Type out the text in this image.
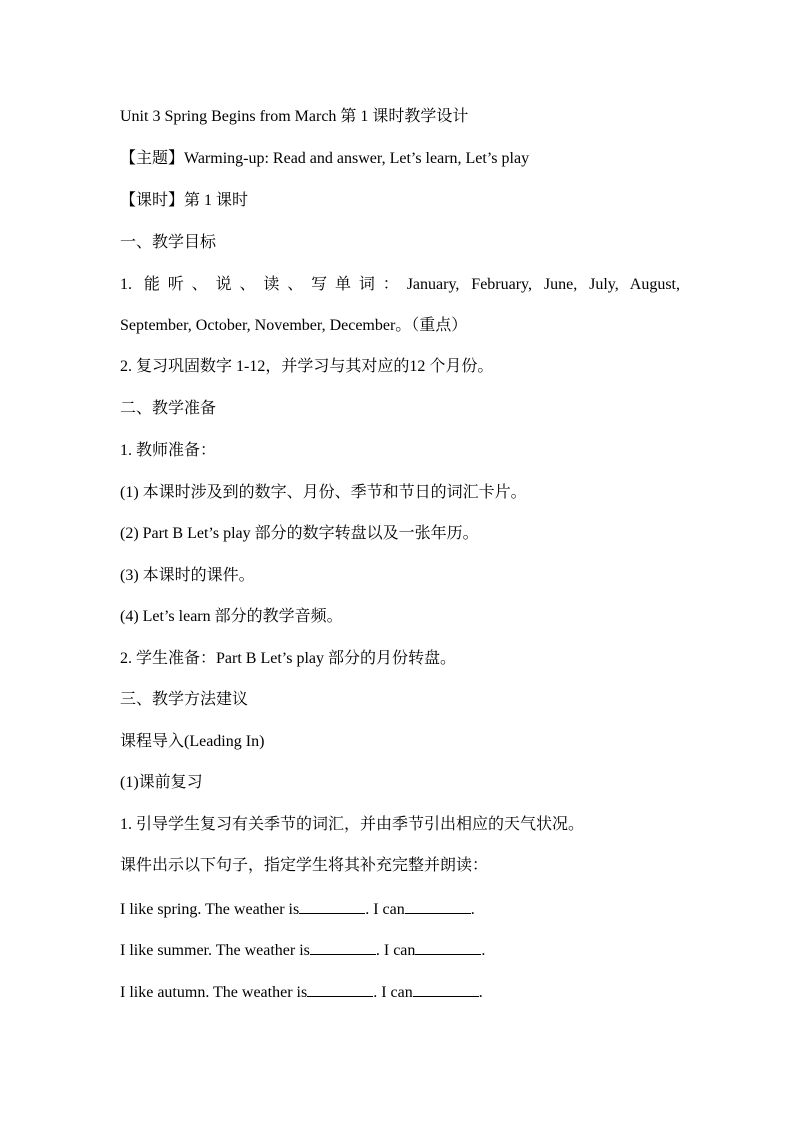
Unit 3 Spring Begins from March 第 1 课时教学设计
【主题】Warming-up: Read and answer, Let’s learn, Let’s play
【课时】第 1 课时
一、教学目标
1. 能听、说、读、写单词：January, February, June, July, August,
September, October, November, December。（重点）
2. 复习巩固数字 1-12，并学习与其对应的12 个月份。
二、教学准备
1. 教师准备：
(1) 本课时涉及到的数字、月份、季节和节日的词汇卡片。
(2) Part B Let’s play 部分的数字转盘以及一张年历。
(3) 本课时的课件。
(4) Let’s learn 部分的教学音频。
2. 学生准备：Part B Let’s play 部分的月份转盘。
三、教学方法建议
课程导入(Leading In)
(1)课前复习
1. 引导学生复习有关季节的词汇，并由季节引出相应的天气状况。
课件出示以下句子，指定学生将其补充完整并朗读：
I like spring. The weather is	. I can	.
I like summer. The weather is	. I can	.
I like autumn. The weather is	. I can	.
